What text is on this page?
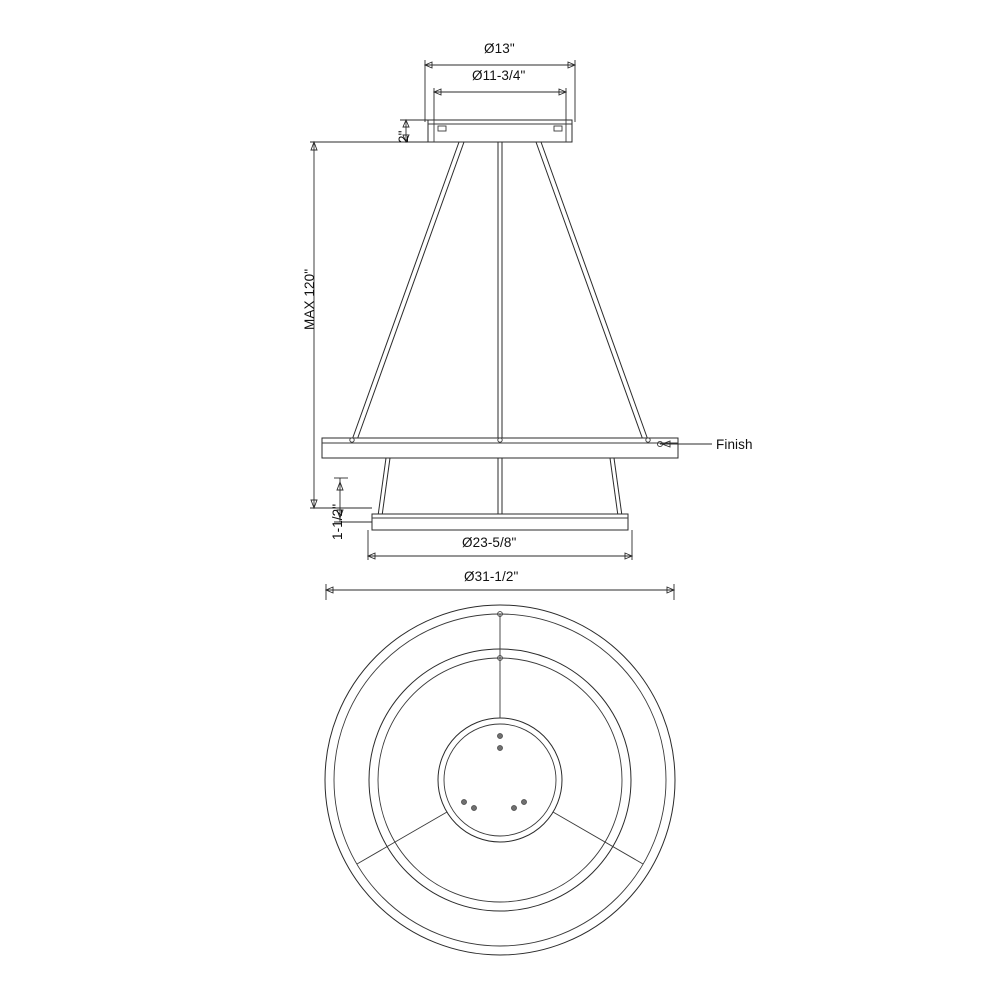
Ø13"
Ø11-3/4"
2"
MAX 120"
1-1/2"
Ø23-5/8"
Ø31-1/2"
Finish
